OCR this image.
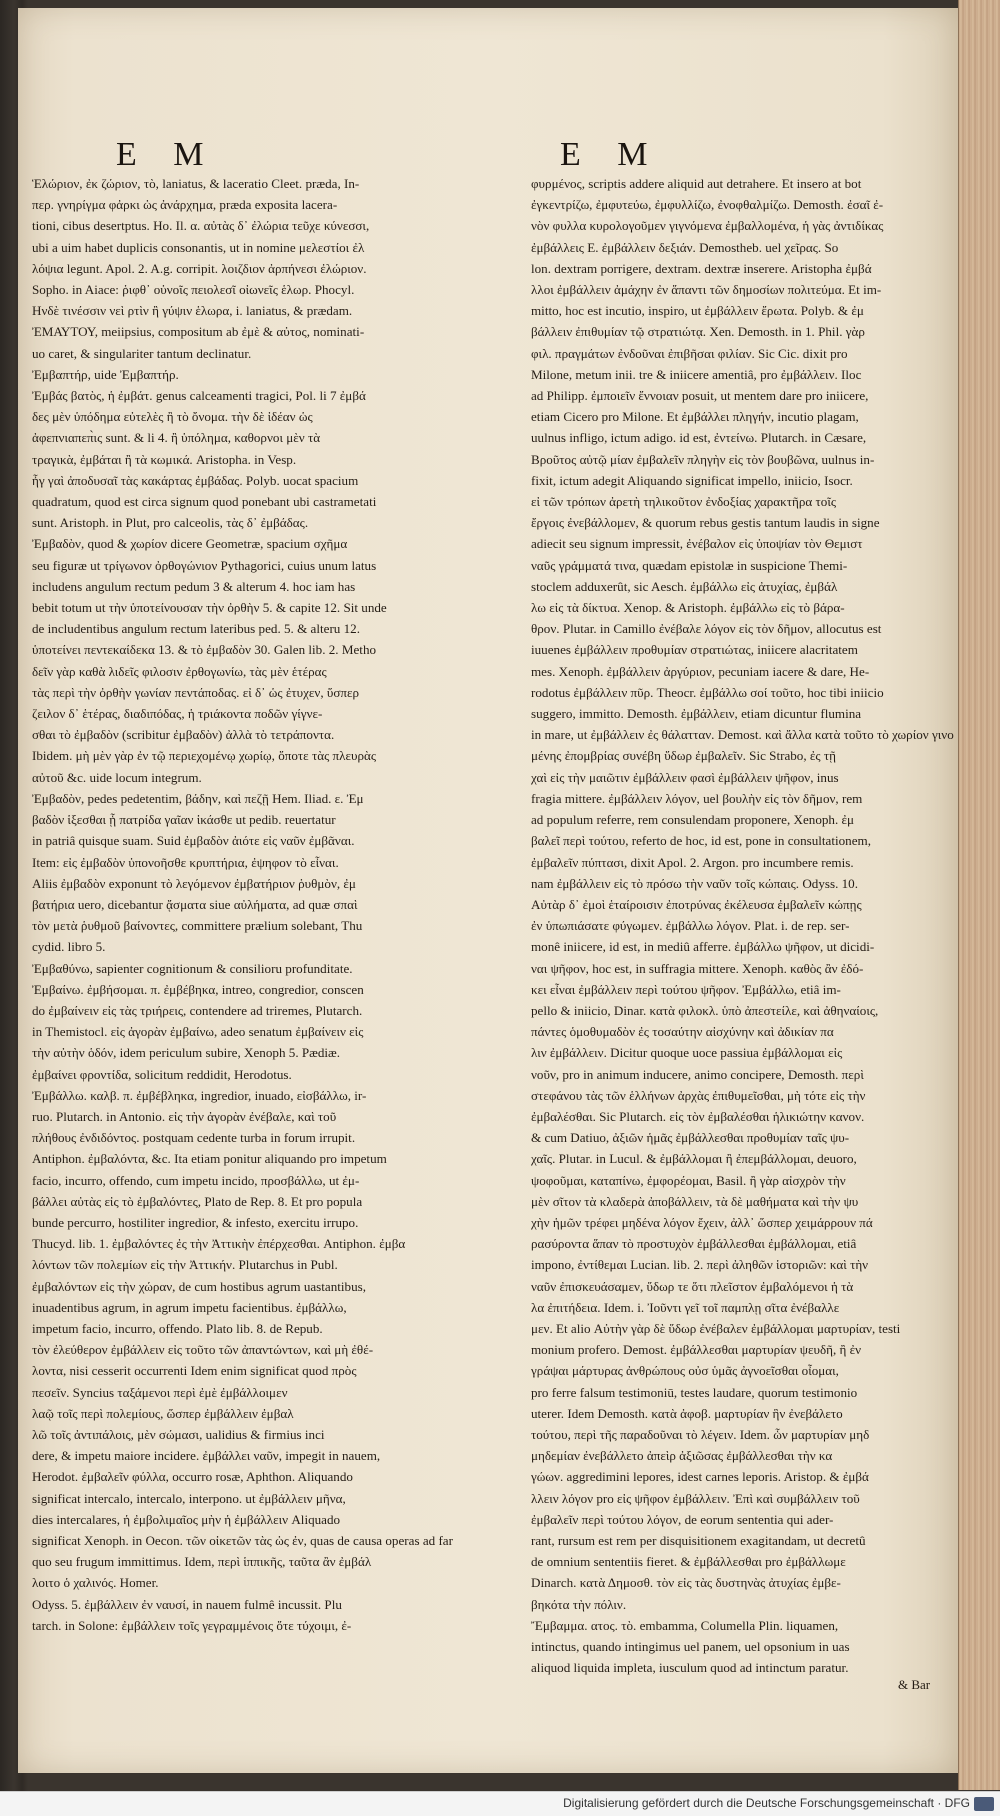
E M	E M
Ἑλώριον, ἐκ ζώριον, τὸ, laniatus, & laceratio Cleet. præda, In-
περ. γνηρίγμα φἀρκι ὡς ἀνάρχημα, præda exposita lacera-
tioni, cibus desertptus. Ho. Il. α. αὐτὰς δ᾽ ἐλώρια τεῦχε κύνεσσι,
ubi a uim habet duplicis consonantis, ut in nomine μελεστίοι ἐλ
λόψια legunt. Apol. 2. A.g. corripit. λοιζδιον ἀρπήνεσι ἐλώριον.
Sopho. in Aiace: ῥιφθ᾽ οὑνοῖς πειολεσῖ οἰωνεῖς ἑλωρ. Phocyl.
Ηνδὲ τινέσσιν νεὶ ρτὶν ἢ γύψιν ἑλωρα, i. laniatus, & prædam.
ἘΜΑΥΤΟΥ, meiipsius, compositum ab ἐμὲ & αὐτος, nominati-
uo caret, & singulariter tantum declinatur.
Ἐμβαπτήρ, uide Ἐμβαπτήρ.
Ἐμβάς βατὸς, ἡ ἐμβάτ. genus calceamenti tragici, Pol. li 7 ἐμβά
δες μὲν ὑπόδημα εὐτελὲς ἢ τὸ ὄνομα. τὴν δὲ ἰδέαν ὡς
ἀφεπνιαπεπ̀ις sunt. & li 4. ἢ ὑπόλημα, καθορνοι μὲν τὰ
τραγικὰ, ἐμβάται ἢ τὰ κωμικά. Aristopha. in Vesp.
ἦγ γαὶ ἀποδυσαῖ τὰς κακάρτας ἐμβάδας. Polyb. uocat spacium
quadratum, quod est circa signum quod ponebant ubi castrametati
sunt. Aristoph. in Plut, pro calceolis, τὰς δ᾽ ἐμβάδας.
Ἐμβαδὸν, quod & χωρίον dicere Geometræ, spacium σχῆμα
seu figuræ ut τρίγωνον ὀρθογώνιον Pythagorici, cuius unum latus
includens angulum rectum pedum 3 & alterum 4. hoc iam has
bebit totum ut τὴν ὑποτείνουσαν τὴν ὀρθὴν 5. & capite 12. Sit unde
de includentibus angulum rectum lateribus ped. 5. & alteru 12.
ὑποτείνει πεντεκαίδεκα 13. & τὸ ἐμβαδὸν 30. Galen lib. 2. Metho
δεῖν γὰρ καθὰ λιδεῖς φιλοσιν ἐρθογωνίω, τὰς μὲν ἑτέρας
τὰς περὶ τὴν ὀρθὴν γωνίαν πεντάποδας. εἰ δ᾽ ὡς ἐτυχεν, ὕσπερ
ζειλον δ᾽ ἑτέρας, διαδιπόδας, ἡ τριάκοντα ποδῶν γίγνε-
σθαι τὸ ἐμβαδὸν (scribitur ἐμβαδὸν) ἀλλὰ τὸ τετράποντα.
Ibidem. μὴ μὲν γὰρ ἐν τῷ περιεχομένῳ χωρίῳ, ὅποτε τὰς πλευρὰς
αὐτοῦ &c. uide locum integrum.
Ἐμβαδὸν, pedes pedetentim, βάδην, καὶ πεζῇ Hem. Iliad. ε. Ἐμ
βαδὸν ἱξεσθαι ᾗ πατρίδα γαῖαν ἱκάσθε ut pedib. reuertatur
in patriâ quisque suam. Suid ἐμβαδὸν ἀιότε εἰς ναῦν ἐμβᾶναι.
Item: εἰς ἐμβαδὸν ὑπονοῆσθε κρυπτήρια, ἐψηφον τὸ εἶναι.
Aliis ἐμβαδὸν exponunt τὸ λεγόμενον ἐμβατήριον ῥυθμὸν, ἐμ
βατήρια uero, dicebantur ᾄσματα siue αὐλήματα, ad quæ σπαὶ
τὸν μετὰ ῥυθμοῦ βαίνοντες, committere prælium solebant, Thu
cydid. libro 5.
Ἐμβαθύνω, sapienter cognitionum & consilioru profunditate.
Ἐμβαίνω. ἐμβήσομαι. π. ἐμβέβηκα, intreo, congredior, conscen
do ἐμβαίνειν εἰς τὰς τριήρεις, contendere ad triremes, Plutarch.
in Themistocl. εἰς ἀγορὰν ἐμβαίνω, adeo senatum ἐμβαίνειν εἰς
τὴν αὐτὴν ὁδόν, idem periculum subire, Xenoph 5. Pædiæ.
ἐμβαίνει φροντίδα, solicitum reddidit, Herodotus.
Ἐμβάλλω. καλβ. π. ἐμβέβληκα, ingredior, inuado, εἰσβάλλω, ir-
ruo. Plutarch. in Antonio. εἰς τὴν ἀγορὰν ἐνέβαλε, καὶ τοῦ
πλήθους ἐνδιδόντος. postquam cedente turba in forum irrupit.
Antiphon. ἐμβαλόντα, &c. Ita etiam ponitur aliquando pro impetum
facio, incurro, offendo, cum impetu incido, προσβάλλω, ut ἐμ-
βάλλει αὐτὰς εἰς τὸ ἐμβαλόντες, Plato de Rep. 8. Et pro popula
bunde percurro, hostiliter ingredior, & infesto, exercitu irrupo.
Thucyd. lib. 1. ἐμβαλόντες ἐς τὴν Ἀττικὴν ἐπέρχεσθαι. Antiphon. ἐμβα
λόντων τῶν πολεμίων εἰς τὴν Ἀττικήν. Plutarchus in Publ.
ἐμβαλόντων εἰς τὴν χώραν, de cum hostibus agrum uastantibus,
inuadentibus agrum, in agrum impetu facientibus. ἐμβάλλω,
impetum facio, incurro, offendo. Plato lib. 8. de Repub.
τὸν ἐλεύθερον ἐμβάλλειν εἰς τοῦτο τῶν ἀπαντώντων, καὶ μὴ ἐθέ-
λοντα, nisi cesserit occurrenti Idem enim significat quod πρὸς
πεσεῖν. Syncius ταξάμενοι περὶ ἐμὲ ἐμβάλλοιμεν
λαῷ τοῖς περὶ πολεμίους, ὥσπερ ἐμβάλλειν ἐμβαλ
λῶ τοῖς ἀντιπάλοις, μὲν σώμασι, ualidius & firmius inci
dere, & impetu maiore incidere. ἐμβάλλει ναῦν, impegit in nauem,
Herodot. ἐμβαλεῖν φύλλα, occurro rosæ, Aphthon. Aliquando
significat intercalo, intercalo, interpono. ut ἐμβάλλειν μῆνα,
dies intercalares, ἡ ἐμβολιμαῖος μὴν ἡ ἐμβάλλειν Aliquado
significat Xenoph. in Oecon. τῶν οἰκετῶν τὰς ὡς ἐν, quas de causa operas ad far
quo seu frugum immittimus. Idem, περὶ ἱππικῆς, ταῦτα ἂν ἐμβάλ
λοιτο ὁ χαλινός. Homer.
Odyss. 5. ἐμβάλλειν ἐν ναυσί, in nauem fulmê incussit. Plu
tarch. in Solone: ἐμβάλλειν τοῖς γεγραμμένοις ὅτε τύχοιμι, ἐ-
φυρμένος, scriptis addere aliquid aut detrahere. Et insero at bot
ἐγκεντρίζω, ἐμφυτεύω, ἐμφυλλίζω, ἐνοφθαλμίζω. Demosth. ἐσαῖ ἐ-
νὸν φυλλα κυρολογοῦμεν γιγνόμενα ἐμβαλλομένα, ἡ γὰς ἀντιδίκας
ἐμβάλλεις Ε. ἐμβάλλειν δεξιάν. Demostheb. uel χεῖρας. So
lon. dextram porrigere, dextram. dextræ inserere. Aristopha ἐμβά
λλοι ἐμβάλλειν ἀμάχην ἐν ἅπαντι τῶν δημοσίων πολιτεύμα. Et im-
mitto, hoc est incutio, inspiro, ut ἐμβάλλειν ἔρωτα. Polyb. & ἐμ
βάλλειν ἐπιθυμίαν τῷ στρατιώτᾳ. Xen. Demosth. in 1. Phil. γὰρ
φιλ. πραγμάτων ἐνδοῦναι ἐπιβῆσαι φιλίαν. Sic Cic. dixit pro
Milone, metum inii. tre & iniicere amentiâ, pro ἐμβάλλειν. Iloc
ad Philipp. ἐμποιεῖν ἔννοιαν posuit, ut mentem dare pro iniicere,
etiam Cicero pro Milone. Et ἐμβάλλει πληγήν, incutio plagam,
uulnus infligo, ictum adigo. id est, ἐντείνω. Plutarch. in Cæsare,
Βροῦτος αὐτῷ μίαν ἐμβαλεῖν πληγὴν εἰς τὸν βουβῶνα, uulnus in-
fixit, ictum adegit Aliquando significat impello, iniicio, Isocr.
εἰ τῶν τρόπων ἀρετὴ τηλικοῦτον ἐνδοξίας χαρακτῆρα τοῖς
ἔργοις ἐνεβάλλομεν, & quorum rebus gestis tantum laudis in signe
adiecit seu signum impressit, ἐνέβαλον εἰς ὑποψίαν τὸν Θεμιστ
ναῦς γράμματά τινα, quædam epistolæ in suspicione Themi-
stoclem adduxerût, sic Aesch. ἐμβάλλω εἰς ἀτυχίας, ἐμβάλ
λω εἰς τὰ δίκτυα. Xenop. & Aristoph. ἐμβάλλω εἰς τὸ βάρα-
θρον. Plutar. in Camillo ἐνέβαλε λόγον εἰς τὸν δῆμον, allocutus est
iuuenes ἐμβάλλειν προθυμίαν στρατιώτας, iniicere alacritatem
mes. Xenoph. ἐμβάλλειν ἀργύριον, pecuniam iacere & dare, He-
rodotus ἐμβάλλειν πῦρ. Theocr. ἐμβάλλω σοί τοῦτο, hoc tibi iniicio
suggero, immitto. Demosth. ἐμβάλλειν, etiam dicuntur flumina
in mare, ut ἐμβάλλειν ἐς θάλατταν. Demost. καὶ ἄλλα κατὰ τοῦτο τὸ χωρίον γινο
μένης ἐπομβρίας συνέβη ὕδωρ ἐμβαλεῖν. Sic Strabo, ἐς τῇ
χαὶ εἰς τὴν μαιῶτιν ἐμβάλλειν φασὶ ἐμβάλλειν ψῆφον, inus
fragia mittere. ἐμβάλλειν λόγον, uel βουλὴν εἰς τὸν δῆμον, rem
ad populum referre, rem consulendam proponere, Xenoph. ἐμ
βαλεῖ περὶ τούτου, referto de hoc, id est, pone in consultationem,
ἐμβαλεῖν πύπτασι, dixit Apol. 2. Argon. pro incumbere remis.
nam ἐμβάλλειν εἰς τὸ πρόσω τὴν ναῦν τοῖς κώπαις. Odyss. 10.
Αὐτὰρ δ᾽ ἐμοὶ ἑταίροισιν ἐποτρύνας ἐκέλευσα ἐμβαλεῖν κώπῃς
ἐν ὑπωπιάσατε φύγωμεν. ἐμβάλλω λόγον. Plat. i. de rep. ser-
monê iniicere, id est, in mediû afferre. ἐμβάλλω ψῆφον, ut dicidi-
ναι ψῆφον, hoc est, in suffragia mittere. Xenoph. καθὸς ἂν ἐδό-
κει εἶναι ἐμβάλλειν περὶ τούτου ψῆφον. Ἐμβάλλω, etiâ im-
pello & iniicio, Dinar. κατὰ φιλοκλ. ὑπὸ ἀπεστείλε, καὶ ἀθηναίοις,
πάντες ὁμοθυμαδὸν ἐς τοσαύτην αἰσχύνην καὶ ἀδικίαν πα
λιν ἐμβάλλειν. Dicitur quoque uoce passiua ἐμβάλλομαι εἰς
νοῦν, pro in animum inducere, animo concipere, Demosth. περὶ
στεφάνου τὰς τῶν ἑλλήνων ἀρχὰς ἐπιθυμεῖσθαι, μὴ τότε εἰς τὴν
ἐμβαλέσθαι. Sic Plutarch. εἰς τὸν ἐμβαλέσθαι ἡλικιώτην κανον.
& cum Datiuo, ἀξιῶν ἡμᾶς ἐμβάλλεσθαι προθυμίαν ταῖς ψυ-
χαῖς. Plutar. in Lucul. & ἐμβάλλομαι ἢ ἐπεμβάλλομαι, deuoro,
ψοφοῦμαι, καταπίνω, ἐμφορέομαι, Basil. ἢ γὰρ αἰσχρὸν τὴν
μὲν σῖτον τὰ κλαδερὰ ἀποβάλλειν, τὰ δὲ μαθήματα καὶ τὴν ψυ
χὴν ἡμῶν τρέφει μηδένα λόγον ἔχειν, ἀλλ᾽ ὥσπερ χειμάρρουν πά
ρασύροντα ἅπαν τὸ προστυχὸν ἐμβάλλεσθαι ἐμβάλλομαι, etiâ
impono, ἐντίθεμαι Lucian. lib. 2. περὶ ἀληθῶν ἱστοριῶν: καὶ τὴν
ναῦν ἐπισκευάσαμεν, ὕδωρ τε ὅτι πλεῖστον ἐμβαλόμενοι ἡ τὰ
λα ἐπιτήδεια. Idem. i. Ἰοῦντι γεῖ τοῖ παμπλῃ σῖτα ἐνέβαλλε
μεν. Et alio Αὐτὴν γὰρ δὲ ὕδωρ ἐνέβαλεν ἐμβάλλομαι μαρτυρίαν, testi
monium profero. Demost. ἐμβάλλεσθαι μαρτυρίαν ψευδῆ, ἢ ἐν
γράψαι μάρτυρας ἀνθρώπους οὐσ ὑμᾶς ἀγνοεῖσθαι οἶομαι,
pro ferre falsum testimoniū, testes laudare, quorum testimonio
uterer. Idem Demosth. κατὰ ἀφοβ. μαρτυρίαν ἣν ἐνεβάλετο
τούτου, περὶ τῆς παραδοῦναι τὸ λέγειν. Idem. ὧν μαρτυρίαν μηδ
μηδεμίαν ἐνεβάλλετο ἀπεὶρ ἀξιῶσας ἐμβάλλεσθαι τὴν κα
γώων. aggredimini lepores, idest carnes leporis. Aristop. & ἐμβά
λλειν λόγον pro εἰς ψῆφον ἐμβάλλειν. Ἐπὶ καὶ συμβάλλειν τοῦ
ἐμβαλεῖν περὶ τούτου λόγον, de eorum sententia qui ader-
rant, rursum est rem per disquisitionem exagitandam, ut decretû
de omnium sententiis fieret. & ἐμβάλλεσθαι pro ἐμβάλλωμε
Dinarch. κατὰ Δημοσθ. τὸν εἰς τὰς δυστηνὰς ἀτυχίας ἐμβε-
βηκότα τὴν πόλιν.
Ἔμβαμμα. ατος. τὸ. embamma, Columella Plin. liquamen,
intinctus, quando intingimus uel panem, uel opsonium in uas
aliquod liquida impleta, iusculum quod ad intinctum paratur.
& Bar
Digitalisierung gefördert durch die Deutsche Forschungsgemeinschaft · DFG
